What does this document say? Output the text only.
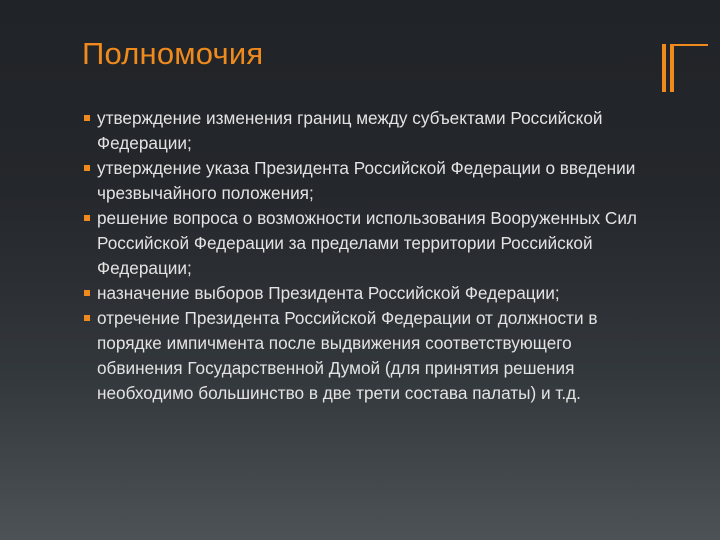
Полномочия
утверждение изменения границ между субъектами Российской Федерации;
утверждение указа Президента Российской Федерации о введении чрезвычайного положения;
решение вопроса о возможности использования Вооруженных Сил Российской Федерации за пределами территории Российской Федерации;
назначение выборов Президента Российской Федерации;
отречение Президента Российской Федерации от должности в порядке импичмента после выдвижения соответствующего обвинения Государственной Думой (для принятия решения необходимо большинство в две трети состава палаты) и т.д.
